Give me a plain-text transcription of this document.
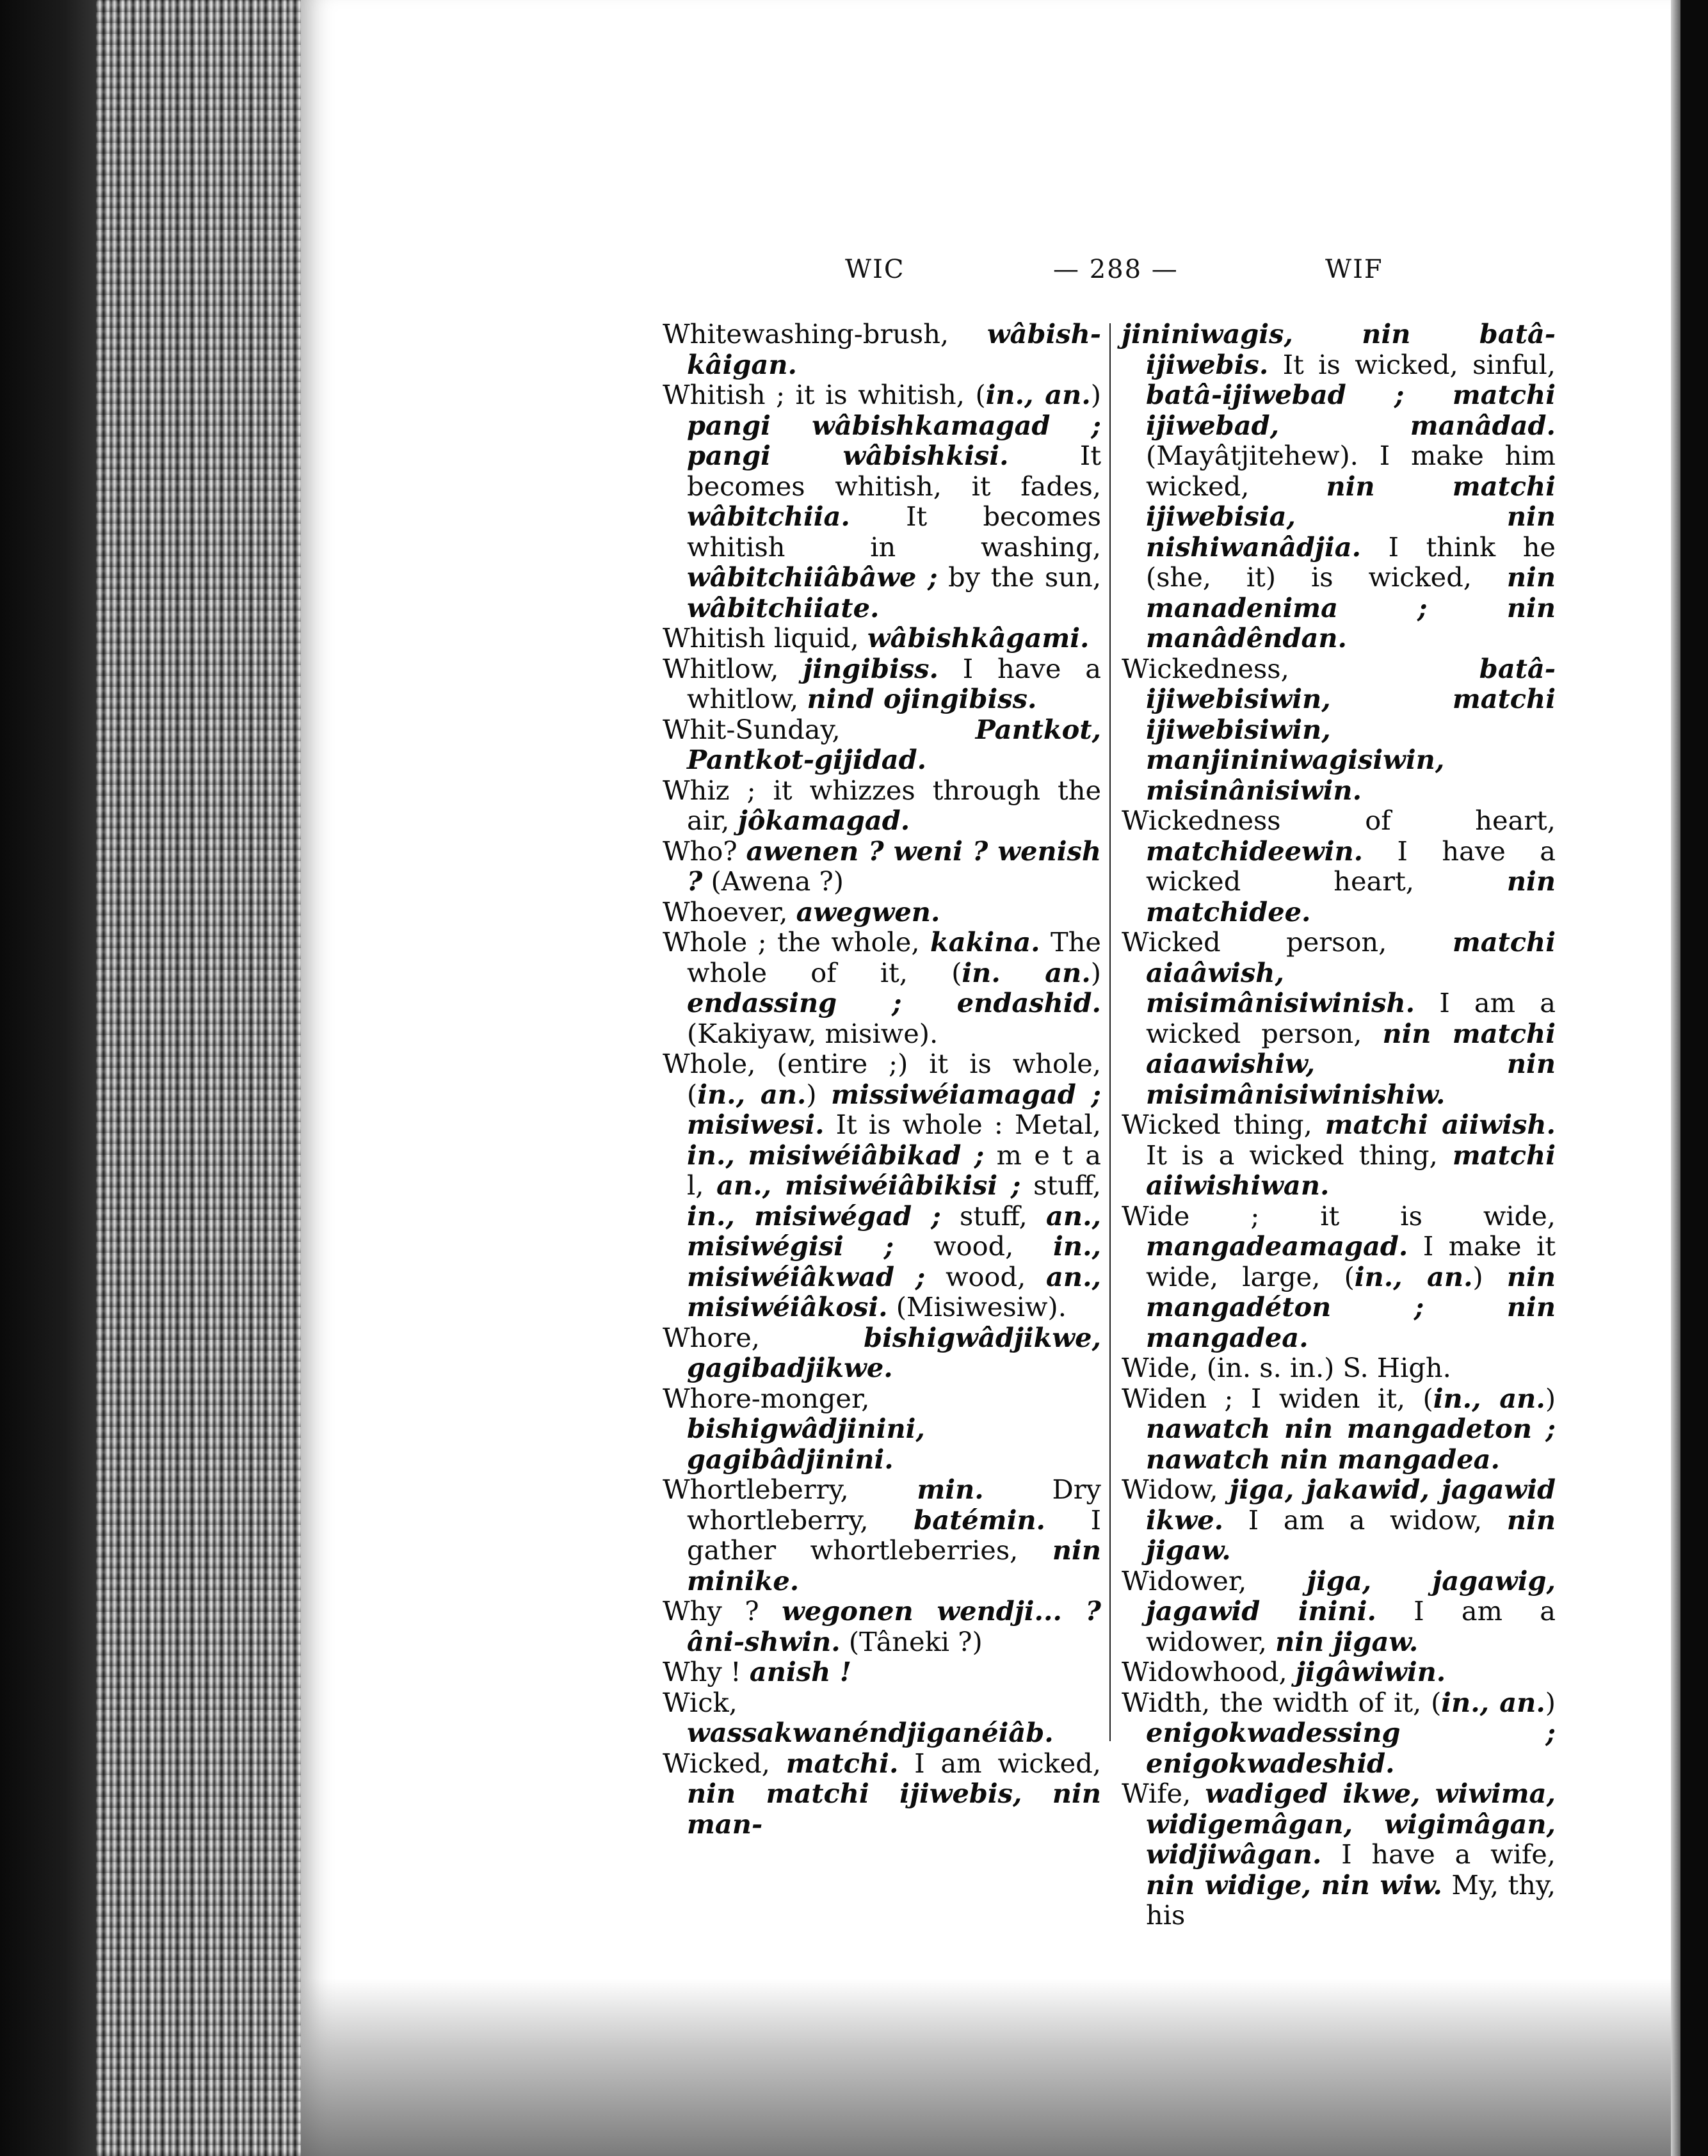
WIC	— 288 —	WIF

Whitewashing-brush, wâbish-kâigan.

Whitish ; it is whitish, (in., an.) pangi wâbishkamagad ; pangi wâbishkisi. It becomes whitish, it fades, wâbitchiia. It becomes whitish in washing, wâbitchiiâbâwe ; by the sun, wâbitchiiate.

Whitish liquid, wâbishkâgami.

Whitlow, jingibiss. I have a whitlow, nind ojingibiss.

Whit-Sunday, Pantkot, Pantkot-gijidad.

Whiz ; it whizzes through the air, jôkamagad.

Who? awenen ? weni ? wenish ? (Awena ?)

Whoever, awegwen.

Whole ; the whole, kakina. The whole of it, (in. an.) endassing ; endashid. (Kakiyaw, misiwe).

Whole, (entire ;) it is whole, (in., an.) missiwéiamagad ; misiwesi. It is whole : Metal, in., misiwéiâbikad ; m e t a l, an., misiwéiâbikisi ; stuff, in., misiwégad ; stuff, an., misiwégisi ; wood, in., misiwéiâkwad ; wood, an., misiwéiâkosi. (Misiwesiw).

Whore, bishigwâdjikwe, gagibadjikwe.

Whore-monger, bishigwâdjinini, gagibâdjinini.

Whortleberry, min. Dry whortleberry, batémin. I gather whortleberries, nin minike.

Why ? wegonen wendji... ? âni-shwin. (Tâneki ?)

Why ! anish !

Wick, wassakwanéndjiganéiâb.

Wicked, matchi. I am wicked, nin matchi ijiwebis, nin man-

jininiwagis, nin batâ-ijiwebis. It is wicked, sinful, batâ-ijiwebad ; matchi ijiwebad, manâdad. (Mayâtjitehew). I make him wicked, nin matchi ijiwebisia, nin nishiwanâdjia. I think he (she, it) is wicked, nin manadenima ; nin manâdêndan.

Wickedness, batâ-ijiwebisiwin, matchi ijiwebisiwin, manjininiwagisiwin, misinânisiwin.

Wickedness of heart, matchideewin. I have a wicked heart, nin matchidee.

Wicked person, matchi aiaâwish, misimânisiwinish. I am a wicked person, nin matchi aiaawishiw, nin misimânisiwinishiw.

Wicked thing, matchi aiiwish. It is a wicked thing, matchi aiiwishiwan.

Wide ; it is wide, mangadeamagad. I make it wide, large, (in., an.) nin mangadéton ; nin mangadea.

Wide, (in. s. in.) S. High.

Widen ; I widen it, (in., an.) nawatch nin mangadeton ; nawatch nin mangadea.

Widow, jiga, jakawid, jagawid ikwe. I am a widow, nin jigaw.

Widower, jiga, jagawig, jagawid inini. I am a widower, nin jigaw.

Widowhood, jigâwiwin.

Width, the width of it, (in., an.) enigokwadessing ; enigokwadeshid.

Wife, wadiged ikwe, wiwima, widigemâgan, wigimâgan, widjiwâgan. I have a wife, nin widige, nin wiw. My, thy, his
